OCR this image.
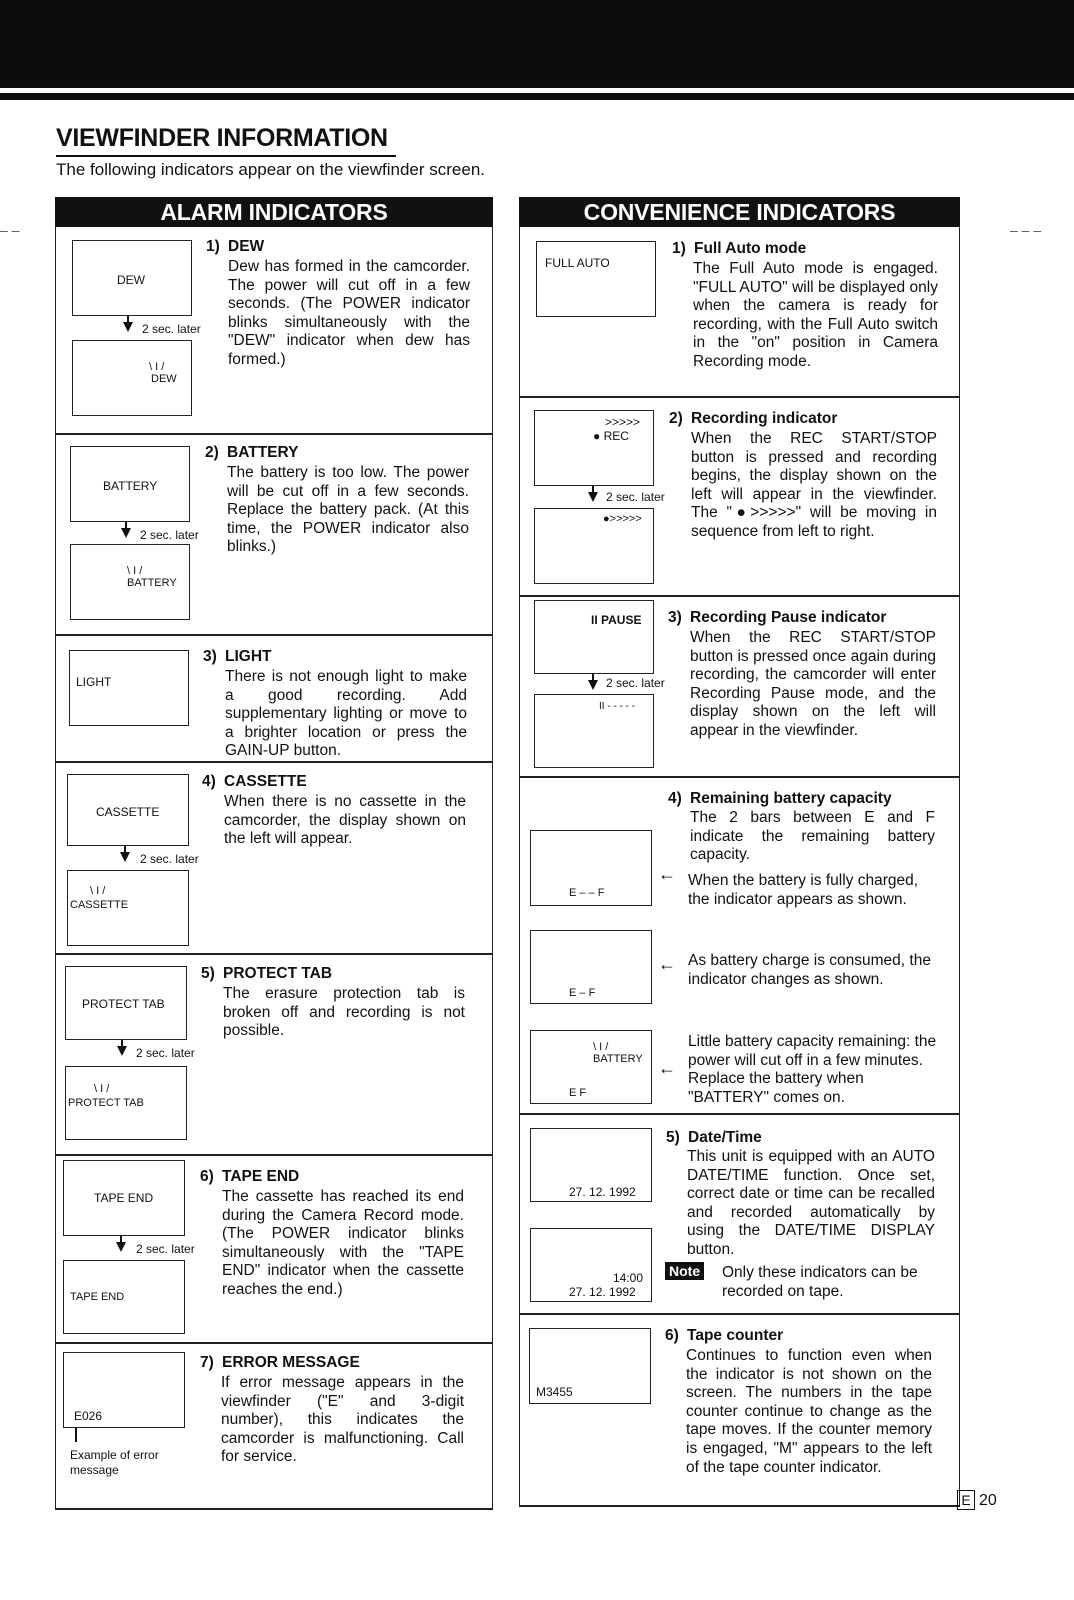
VIEWFINDER INFORMATION
The following indicators appear on the viewfinder screen.
– –	– – –
ALARM INDICATORS
DEW
2 sec. later
\ I /
DEW
1) DEW
Dew has formed in the camcorder. The power will cut off in a few seconds. (The POWER indicator blinks simultaneously with the "DEW" indicator when dew has formed.)
BATTERY
2 sec. later
\ I /
BATTERY
2) BATTERY
The battery is too low. The power will be cut off in a few seconds. Replace the battery pack. (At this time, the POWER indicator also blinks.)
LIGHT
3) LIGHT
There is not enough light to make a good recording. Add supplementary lighting or move to a brighter location or press the GAIN-UP button.
CASSETTE
2 sec. later
\ I /
CASSETTE
4) CASSETTE
When there is no cassette in the camcorder, the display shown on the left will appear.
PROTECT TAB
2 sec. later
\ I /
PROTECT TAB
5) PROTECT TAB
The erasure protection tab is broken off and recording is not possible.
TAPE END
2 sec. later
TAPE END
6) TAPE END
The cassette has reached its end during the Camera Record mode. (The POWER indicator blinks simultaneously with the "TAPE END" indicator when the cassette reaches the end.)
E026
Example of error message
7) ERROR MESSAGE
If error message appears in the viewfinder ("E" and 3-digit number), this indicates the camcorder is malfunctioning. Call for service.
CONVENIENCE INDICATORS
FULL AUTO
1) Full Auto mode
The Full Auto mode is engaged. "FULL AUTO" will be displayed only when the camera is ready for recording, with the Full Auto switch in the "on" position in Camera Recording mode.
>>>>>
● REC
2 sec. later
●>>>>>
2) Recording indicator
When the REC START/STOP button is pressed and recording begins, the display shown on the left will appear in the viewfinder. The "●>>>>>" will be moving in sequence from left to right.
II PAUSE
2 sec. later
II - - - - -
3) Recording Pause indicator
When the REC START/STOP button is pressed once again during recording, the camcorder will enter Recording Pause mode, and the display shown on the left will appear in the viewfinder.
4) Remaining battery capacity
The 2 bars between E and F indicate the remaining battery capacity.
E – – F
← When the battery is fully charged, the indicator appears as shown.
E – F
← As battery charge is consumed, the indicator changes as shown.
\ I /
BATTERY
E F
←
Little battery capacity remaining: the power will cut off in a few minutes. Replace the battery when "BATTERY" comes on.
27. 12. 1992
14:00
27. 12. 1992
5) Date/Time
This unit is equipped with an AUTO DATE/TIME function. Once set, correct date or time can be recalled and recorded automatically by using the DATE/TIME DISPLAY button.
Note Only these indicators can be recorded on tape.
M3455
6) Tape counter
Continues to function even when the indicator is not shown on the screen. The numbers in the tape counter continue to change as the tape moves. If the counter memory is engaged, "M" appears to the left of the tape counter indicator.
E 20
